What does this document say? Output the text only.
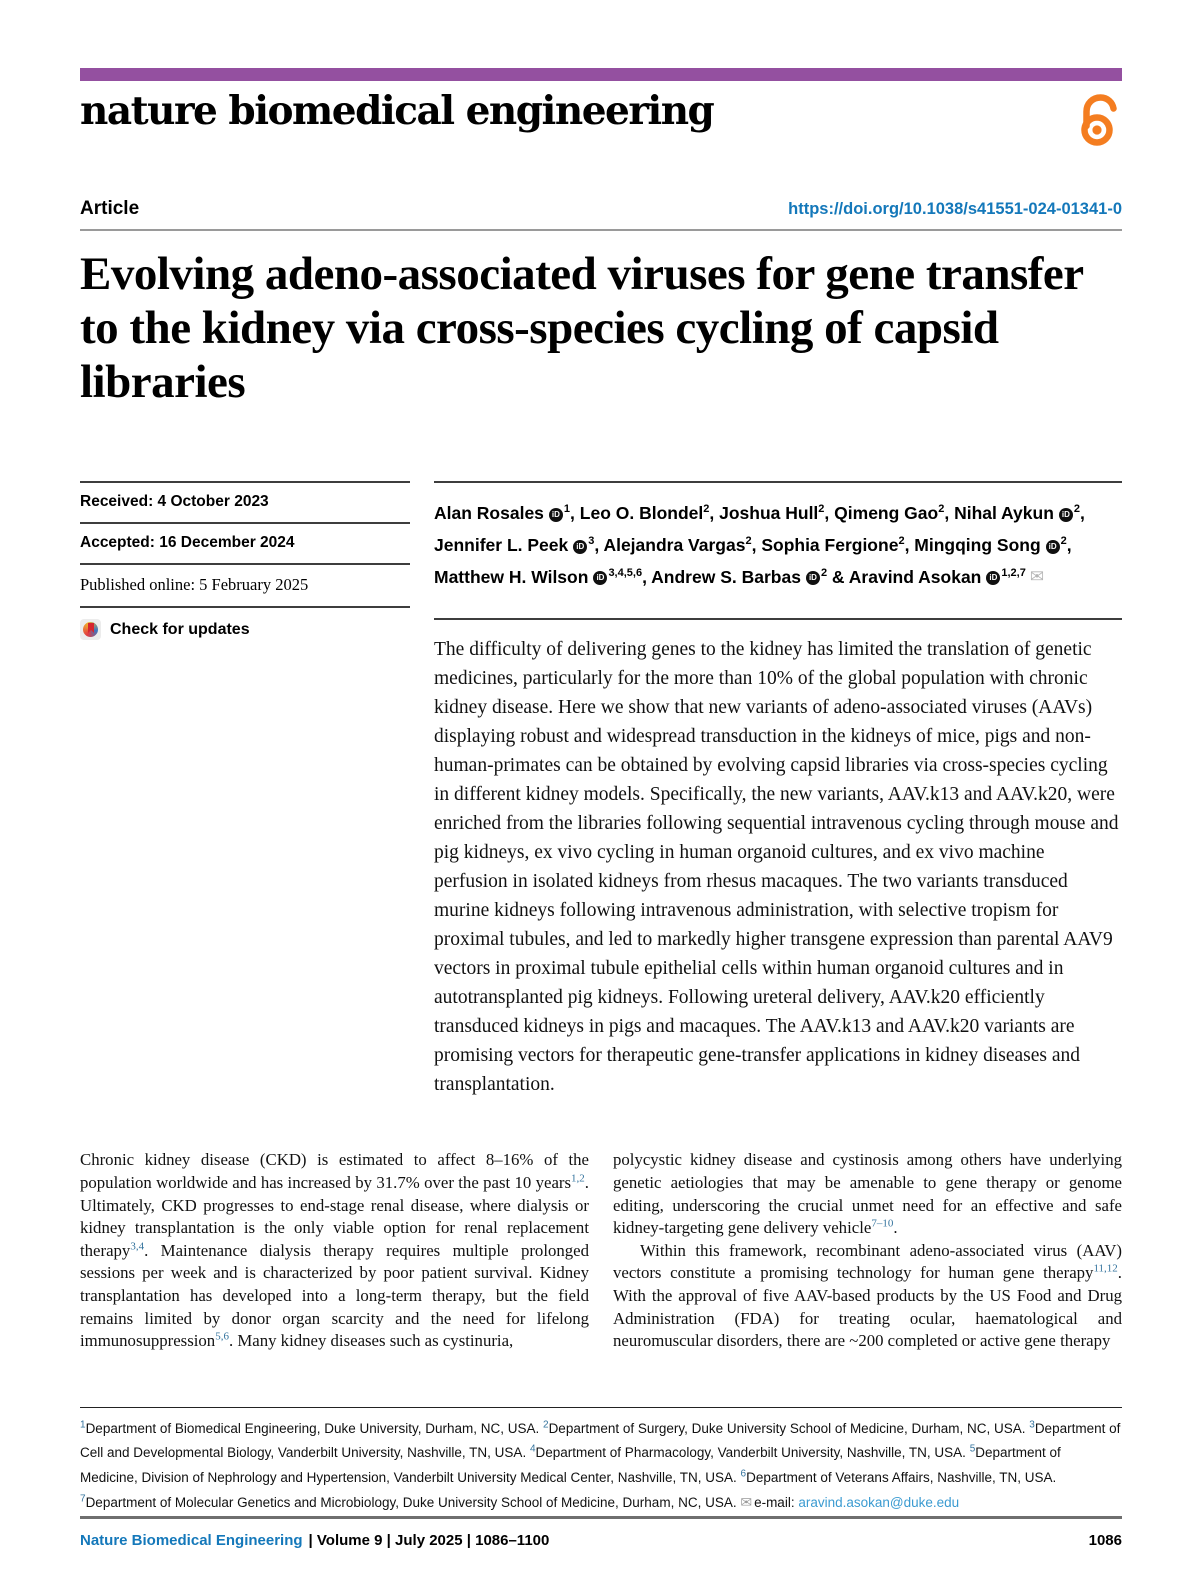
nature biomedical engineering
Article	https://doi.org/10.1038/s41551-024-01341-0
Evolving adeno-associated viruses for gene transfer to the kidney via cross-species cycling of capsid libraries
Received: 4 October 2023
Accepted: 16 December 2024
Published online: 5 February 2025
Check for updates
Alan Rosales iD $^1$, Leo O. Blondel$^2$, Joshua Hull$^2$, Qimeng Gao$^2$, Nihal Aykun iD $^2$, Jennifer L. Peek iD $^3$, Alejandra Vargas$^2$, Sophia Fergione$^2$, Mingqing Song iD $^2$, Matthew H. Wilson iD $^{3,4,5,6}$, Andrew S. Barbas iD $^2$ & Aravind Asokan iD $^{1,2,7}$ ✉
The difficulty of delivering genes to the kidney has limited the translation of genetic medicines, particularly for the more than 10% of the global population with chronic kidney disease. Here we show that new variants of adeno-associated viruses (AAVs) displaying robust and widespread transduction in the kidneys of mice, pigs and non-human-primates can be obtained by evolving capsid libraries via cross-species cycling in different kidney models. Specifically, the new variants, AAV.k13 and AAV.k20, were enriched from the libraries following sequential intravenous cycling through mouse and pig kidneys, ex vivo cycling in human organoid cultures, and ex vivo machine perfusion in isolated kidneys from rhesus macaques. The two variants transduced murine kidneys following intravenous administration, with selective tropism for proximal tubules, and led to markedly higher transgene expression than parental AAV9 vectors in proximal tubule epithelial cells within human organoid cultures and in autotransplanted pig kidneys. Following ureteral delivery, AAV.k20 efficiently transduced kidneys in pigs and macaques. The AAV.k13 and AAV.k20 variants are promising vectors for therapeutic gene-transfer applications in kidney diseases and transplantation.

Chronic kidney disease (CKD) is estimated to affect 8–16% of the population worldwide and has increased by 31.7% over the past 10 years$^{1,2}$. Ultimately, CKD progresses to end-stage renal disease, where dialysis or kidney transplantation is the only viable option for renal replacement therapy$^{3,4}$. Maintenance dialysis therapy requires multiple prolonged sessions per week and is characterized by poor patient survival. Kidney transplantation has developed into a long-term therapy, but the field remains limited by donor organ scarcity and the need for lifelong immunosuppression$^{5,6}$. Many kidney diseases such as cystinuria,

polycystic kidney disease and cystinosis among others have underlying genetic aetiologies that may be amenable to gene therapy or genome editing, underscoring the crucial unmet need for an effective and safe kidney-targeting gene delivery vehicle$^{7-10}$.

Within this framework, recombinant adeno-associated virus (AAV) vectors constitute a promising technology for human gene therapy$^{11,12}$. With the approval of five AAV-based products by the US Food and Drug Administration (FDA) for treating ocular, haematological and neuromuscular disorders, there are ~200 completed or active gene therapy

$^1$Department of Biomedical Engineering, Duke University, Durham, NC, USA. $^2$Department of Surgery, Duke University School of Medicine, Durham, NC, USA. $^3$Department of Cell and Developmental Biology, Vanderbilt University, Nashville, TN, USA. $^4$Department of Pharmacology, Vanderbilt University, Nashville, TN, USA. $^5$Department of Medicine, Division of Nephrology and Hypertension, Vanderbilt University Medical Center, Nashville, TN, USA. $^6$Department of Veterans Affairs, Nashville, TN, USA. $^7$Department of Molecular Genetics and Microbiology, Duke University School of Medicine, Durham, NC, USA. ✉ e-mail: aravind.asokan@duke.edu
Nature Biomedical Engineering | Volume 9 | July 2025 | 1086–1100	1086
